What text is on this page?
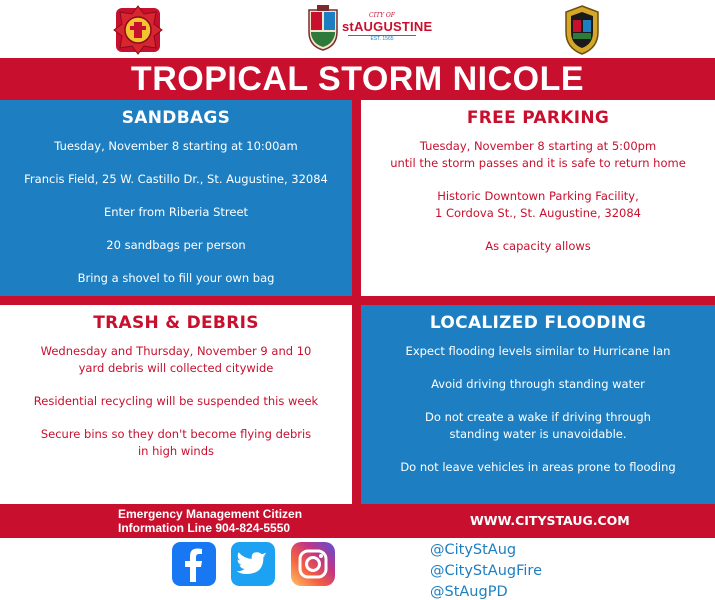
CITY OF
stAUGUSTINE
EST. 1565
TROPICAL STORM NICOLE
SANDBAGS

Tuesday, November 8 starting at 10:00am

Francis Field, 25 W. Castillo Dr., St. Augustine, 32084

Enter from Riberia Street

20 sandbags per person

Bring a shovel to fill your own bag

FREE PARKING

Tuesday, November 8 starting at 5:00pm
until the storm passes and it is safe to return home

Historic Downtown Parking Facility,
1 Cordova St., St. Augustine, 32084

As capacity allows

TRASH & DEBRIS

Wednesday and Thursday, November 9 and 10
yard debris will collected citywide

Residential recycling will be suspended this week

Secure bins so they don't become flying debris
in high winds

LOCALIZED FLOODING

Expect flooding levels similar to Hurricane Ian

Avoid driving through standing water

Do not create a wake if driving through
standing water is unavoidable.

Do not leave vehicles in areas prone to flooding

Emergency Management Citizen
Information Line 904-824-5550	WWW.CITYSTAUG.COM
@CityStAug
@CityStAugFire
@StAugPD
